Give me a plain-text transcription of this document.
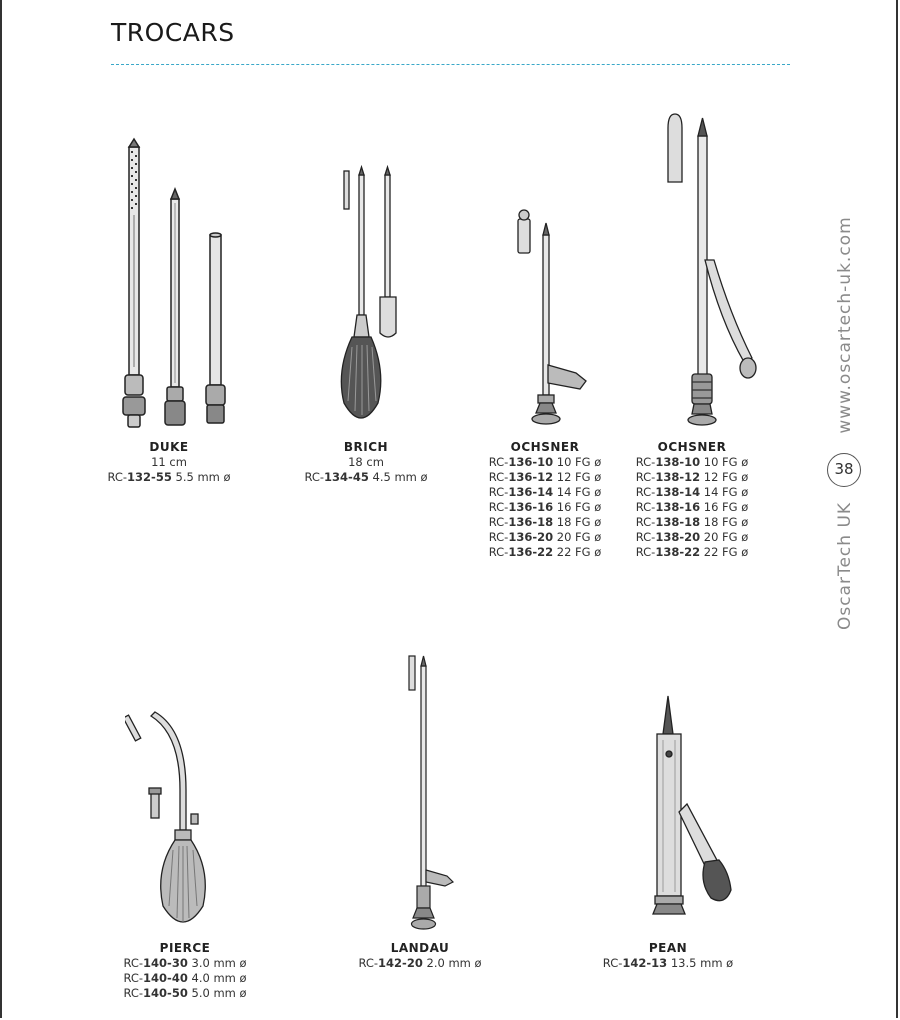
TROCARS
www.oscartech-uk.com
38
OscarTech UK
DUKE
11 cm
RC-132-55 5.5 mm ø
BRICH
18 cm
RC-134-45 4.5 mm ø
OCHSNER
RC-136-10 10 FG ø
RC-136-12 12 FG ø
RC-136-14 14 FG ø
RC-136-16 16 FG ø
RC-136-18 18 FG ø
RC-136-20 20 FG ø
RC-136-22 22 FG ø
OCHSNER
RC-138-10 10 FG ø
RC-138-12 12 FG ø
RC-138-14 14 FG ø
RC-138-16 16 FG ø
RC-138-18 18 FG ø
RC-138-20 20 FG ø
RC-138-22 22 FG ø
PIERCE
RC-140-30 3.0 mm ø
RC-140-40 4.0 mm ø
RC-140-50 5.0 mm ø
LANDAU
RC-142-20 2.0 mm ø
PEAN
RC-142-13 13.5 mm ø
